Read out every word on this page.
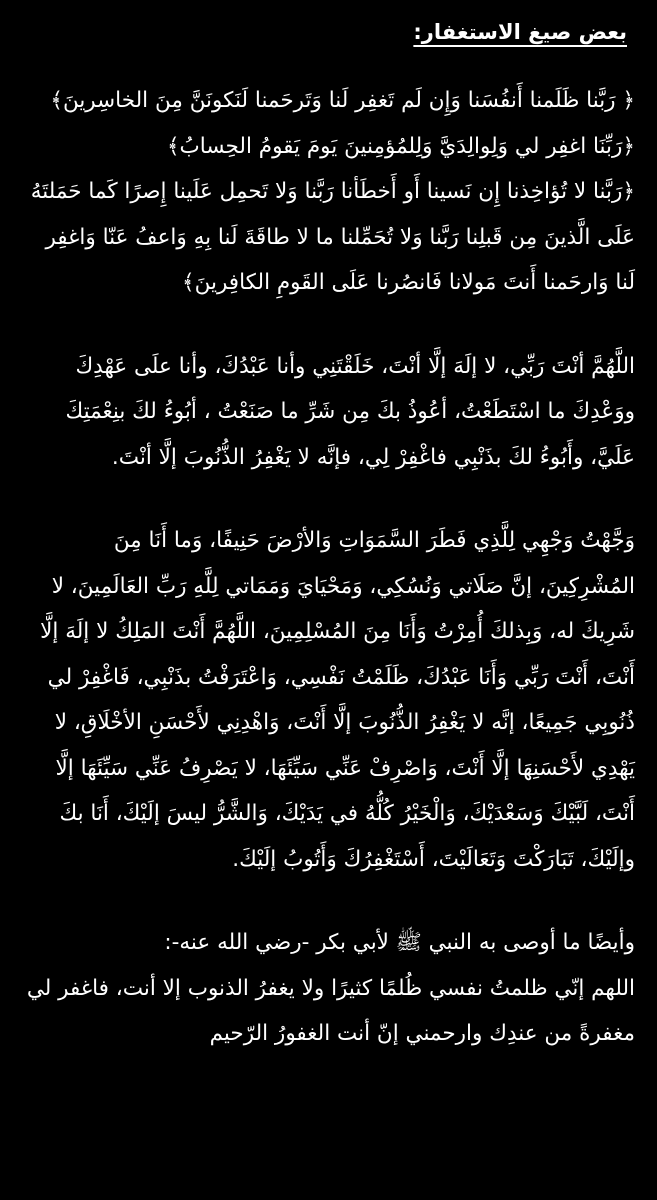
بعض صيغ الاستغفار:

﴿ رَبَّنا ظَلَمنا أَنفُسَنا وَإِن لَم تَغفِر لَنا وَتَرحَمنا لَنَكونَنَّ مِنَ الخاسِرينَ﴾

﴿رَبِّنَا اغفِر لي وَلِوالِدَيَّ وَلِلمُؤمِنينَ يَومَ يَقومُ الحِسابُ﴾

﴿رَبَّنا لا تُؤاخِذنا إِن نَسينا أَو أَخطَأنا رَبَّنا وَلا تَحمِل عَلَينا إِصرًا كَما حَمَلتَهُ عَلَى الَّذينَ مِن قَبلِنا رَبَّنا وَلا تُحَمِّلنا ما لا طاقَةَ لَنا بِهِ وَاعفُ عَنّا وَاغفِر لَنا وَارحَمنا أَنتَ مَولانا فَانصُرنا عَلَى القَومِ الكافِرينَ﴾

اللَّهُمَّ أنْتَ رَبِّي، لا إلَهَ إلَّا أنْتَ، خَلَقْتَنِي وأنا عَبْدُكَ، وأنا علَى عَهْدِكَ ووَعْدِكَ ما اسْتَطَعْتُ، أعُوذُ بكَ مِن شَرِّ ما صَنَعْتُ ، أبُوءُ لكَ بنِعْمَتِكَ عَلَيَّ، وأَبُوءُ لكَ بذَنْبِي فاغْفِرْ لِي، فإنَّه لا يَغْفِرُ الذُّنُوبَ إلَّا أنْتَ.

وَجَّهْتُ وَجْهِي لِلَّذِي فَطَرَ السَّمَوَاتِ وَالأرْضَ حَنِيفًا، وَما أَنَا مِنَ المُشْرِكِينَ، إنَّ صَلَاتي وَنُسُكِي، وَمَحْيَايَ وَمَمَاتي لِلَّهِ رَبِّ العَالَمِينَ، لا شَرِيكَ له، وَبِذلكَ أُمِرْتُ وَأَنَا مِنَ المُسْلِمِينَ، اللَّهُمَّ أَنْتَ المَلِكُ لا إلَهَ إلَّا أَنْتَ، أَنْتَ رَبِّي وَأَنَا عَبْدُكَ، ظَلَمْتُ نَفْسِي، وَاعْتَرَفْتُ بذَنْبِي، فَاغْفِرْ لي ذُنُوبِي جَمِيعًا، إنَّه لا يَغْفِرُ الذُّنُوبَ إلَّا أَنْتَ، وَاهْدِنِي لأَحْسَنِ الأخْلَاقِ، لا يَهْدِي لأَحْسَنِهَا إلَّا أَنْتَ، وَاصْرِفْ عَنِّي سَيِّئَهَا، لا يَصْرِفُ عَنِّي سَيِّئَهَا إلَّا أَنْتَ، لَبَّيْكَ وَسَعْدَيْكَ، وَالْخَيْرُ كُلُّهُ في يَدَيْكَ، وَالشَّرُّ ليسَ إلَيْكَ، أَنَا بكَ وإلَيْكَ، تَبَارَكْتَ وَتَعَالَيْتَ، أَسْتَغْفِرُكَ وَأَتُوبُ إلَيْكَ.

وأيضًا ما أوصى به النبي ﷺ لأبي بكر -رضي الله عنه-:

اللهم إنّي ظلمتُ نفسي ظُلمًا كثيرًا ولا يغفرُ الذنوب إلا أنت، فاغفر لي مغفرةً من عندِك وارحمني إنّ أنت الغفورُ الرّحيم
